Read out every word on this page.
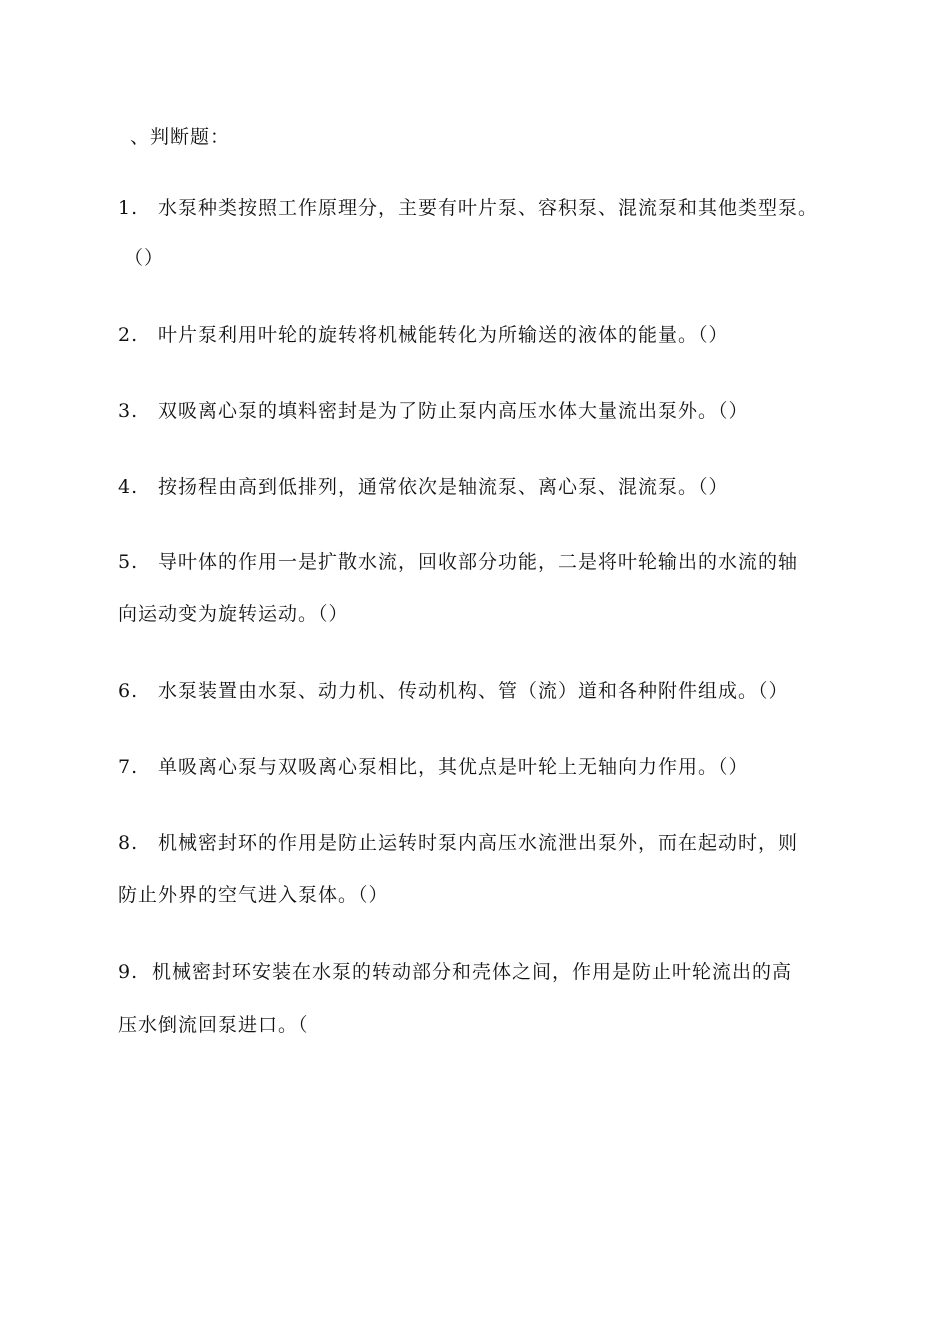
、判断题：
1. 水泵种类按照工作原理分，主要有叶片泵、容积泵、混流泵和其他类型泵。
（）
2. 叶片泵利用叶轮的旋转将机械能转化为所输送的液体的能量。（）
3. 双吸离心泵的填料密封是为了防止泵内高压水体大量流出泵外。（）
4. 按扬程由高到低排列，通常依次是轴流泵、离心泵、混流泵。（）
5. 导叶体的作用一是扩散水流，回收部分功能，二是将叶轮输出的水流的轴
向运动变为旋转运动。（）
6. 水泵装置由水泵、动力机、传动机构、管（流）道和各种附件组成。（）
7. 单吸离心泵与双吸离心泵相比，其优点是叶轮上无轴向力作用。（）
8. 机械密封环的作用是防止运转时泵内高压水流泄出泵外，而在起动时，则
防止外界的空气进入泵体。（）
9. 机械密封环安装在水泵的转动部分和壳体之间，作用是防止叶轮流出的高
压水倒流回泵进口。（
